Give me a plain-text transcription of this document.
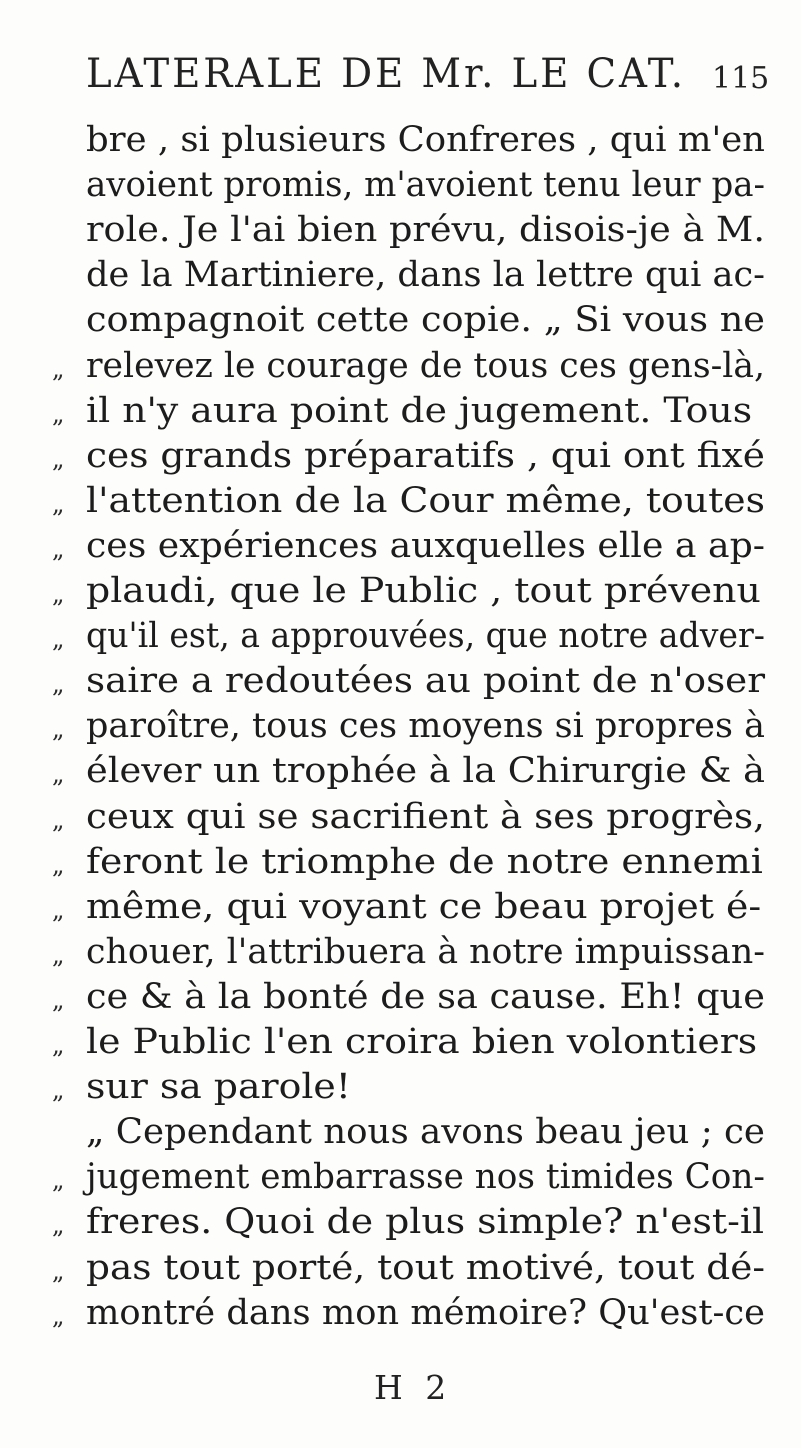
LATERALE DE Mr. LE CAT. 115
bre , si plusieurs Confreres , qui m'en
avoient promis, m'avoient tenu leur pa-
role. Je l'ai bien prévu, disois-je à M.
de la Martiniere, dans la lettre qui ac-
compagnoit cette copie. „ Si vous ne
„ relevez le courage de tous ces gens-là,
„ il n'y aura point de jugement. Tous
„ ces grands préparatifs , qui ont fixé
„ l'attention de la Cour même, toutes
„ ces expériences auxquelles elle a ap-
„ plaudi, que le Public , tout prévenu
„ qu'il est, a approuvées, que notre adver-
„ saire a redoutées au point de n'oser
„ paroître, tous ces moyens si propres à
„ élever un trophée à la Chirurgie & à
„ ceux qui se sacrifient à ses progrès,
„ feront le triomphe de notre ennemi
„ même, qui voyant ce beau projet é-
„ chouer, l'attribuera à notre impuissan-
„ ce & à la bonté de sa cause. Eh! que
„ le Public l'en croira bien volontiers
„ sur sa parole!
„ Cependant nous avons beau jeu ; ce
„ jugement embarrasse nos timides Con-
„ freres. Quoi de plus simple? n'est-il
„ pas tout porté, tout motivé, tout dé-
„ montré dans mon mémoire? Qu'est-ce
H 2
